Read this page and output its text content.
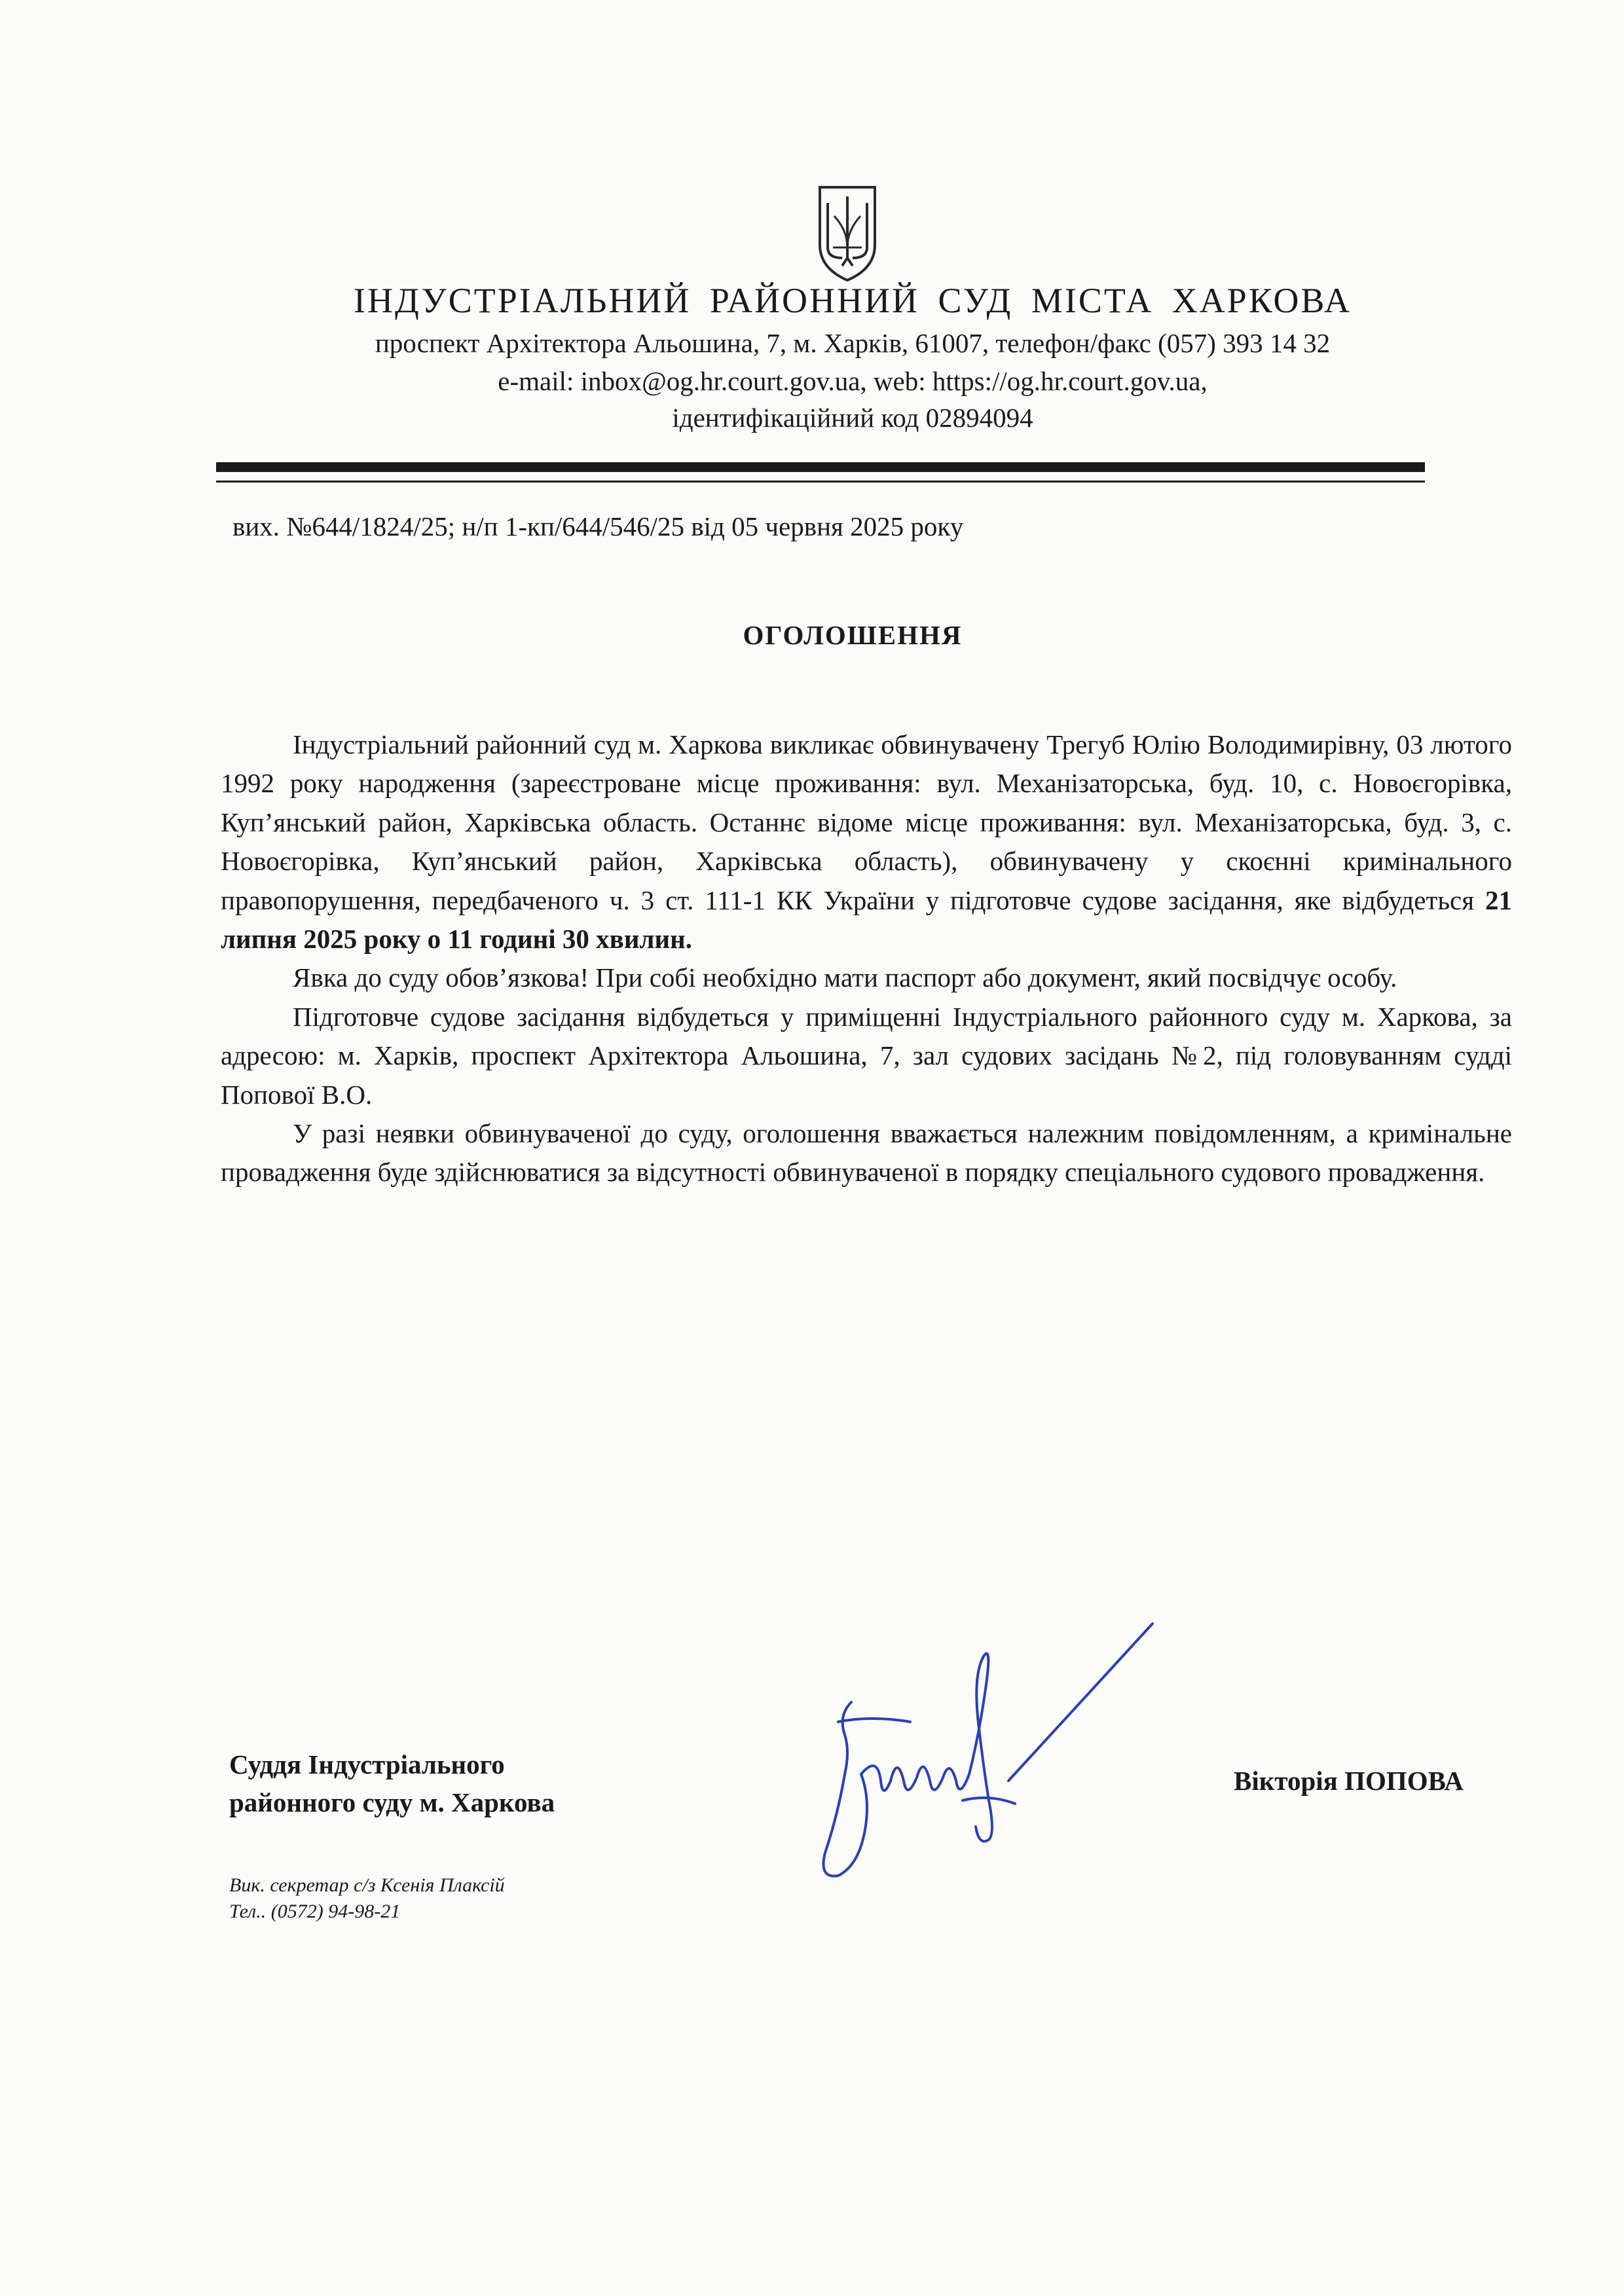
ІНДУСТРІАЛЬНИЙ РАЙОННИЙ СУД МІСТА ХАРКОВА
проспект Архітектора Альошина, 7, м. Харків, 61007, телефон/факс (057) 393 14 32
e-mail: inbox@og.hr.court.gov.ua, web: https://og.hr.court.gov.ua,
ідентифікаційний код 02894094
вих. №644/1824/25; н/п 1-кп/644/546/25 від 05 червня 2025 року
ОГОЛОШЕННЯ

Індустріальний районний суд м. Харкова викликає обвинувачену Трегуб Юлію Володимирівну, 03 лютого 1992 року народження (зареєстроване місце проживання: вул. Механізаторська, буд. 10, с. Новоєгорівка, Куп’янський район, Харківська область. Останнє відоме місце проживання: вул. Механізаторська, буд. 3, с. Новоєгорівка, Куп’янський район, Харківська область), обвинувачену у скоєнні кримінального правопорушення, передбаченого ч. 3 ст. 111-1 КК України у підготовче судове засідання, яке відбудеться 21 липня 2025 року о 11 годині 30 хвилин.

Явка до суду обов’язкова! При собі необхідно мати паспорт або документ, який посвідчує особу.

Підготовче судове засідання відбудеться у приміщенні Індустріального районного суду м. Харкова, за адресою: м. Харків, проспект Архітектора Альошина, 7, зал судових засідань №2, під головуванням судді Попової В.О.

У разі неявки обвинуваченої до суду, оголошення вважається належним повідомленням, а кримінальне провадження буде здійснюватися за відсутності обвинуваченої в порядку спеціального судового провадження.

Суддя Індустріального
районного суду м. Харкова
Вікторія ПОПОВА
Вик. секретар с/з Ксенія Плаксій
Тел.. (0572) 94-98-21
